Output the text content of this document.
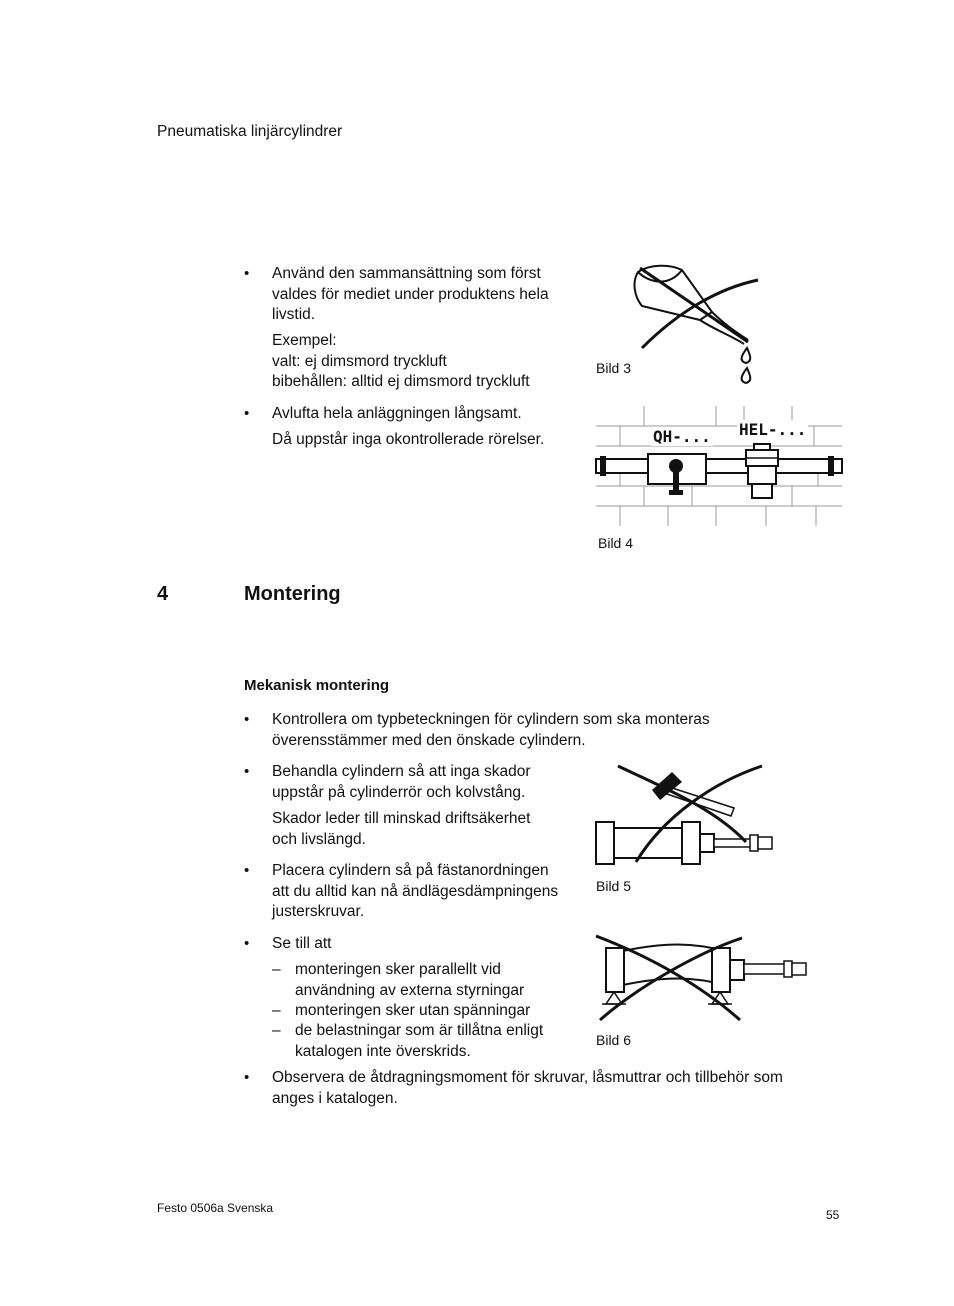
Pneumatiska linjärcylindrer
• Använd den sammansättning som först
valdes för mediet under produktens hela
livstid.
Exempel:
valt: ej dimsmord tryckluft
bibehållen: alltid ej dimsmord tryckluft
• Avlufta hela anläggningen långsamt.
Då uppstår inga okontrollerade rörelser.
Bild 3
QH-... HEL-...
Bild 4
4	Montering
Mekanisk montering
• Kontrollera om typbeteckningen för cylindern som ska monteras
överensstämmer med den önskade cylindern.
• Behandla cylindern så att inga skador
uppstår på cylinderrör och kolvstång.
Skador leder till minskad driftsäkerhet
och livslängd.
• Placera cylindern så på fästanordningen
att du alltid kan nå ändlägesdämpningens
justerskruvar.
• Se till att
– monteringen sker parallellt vid
användning av externa styrningar
– monteringen sker utan spänningar
– de belastningar som är tillåtna enligt
katalogen inte överskrids.
• Observera de åtdragningsmoment för skruvar, låsmuttrar och tillbehör som
anges i katalogen.
Bild 5
Bild 6
Festo 0506a Svenska	55
